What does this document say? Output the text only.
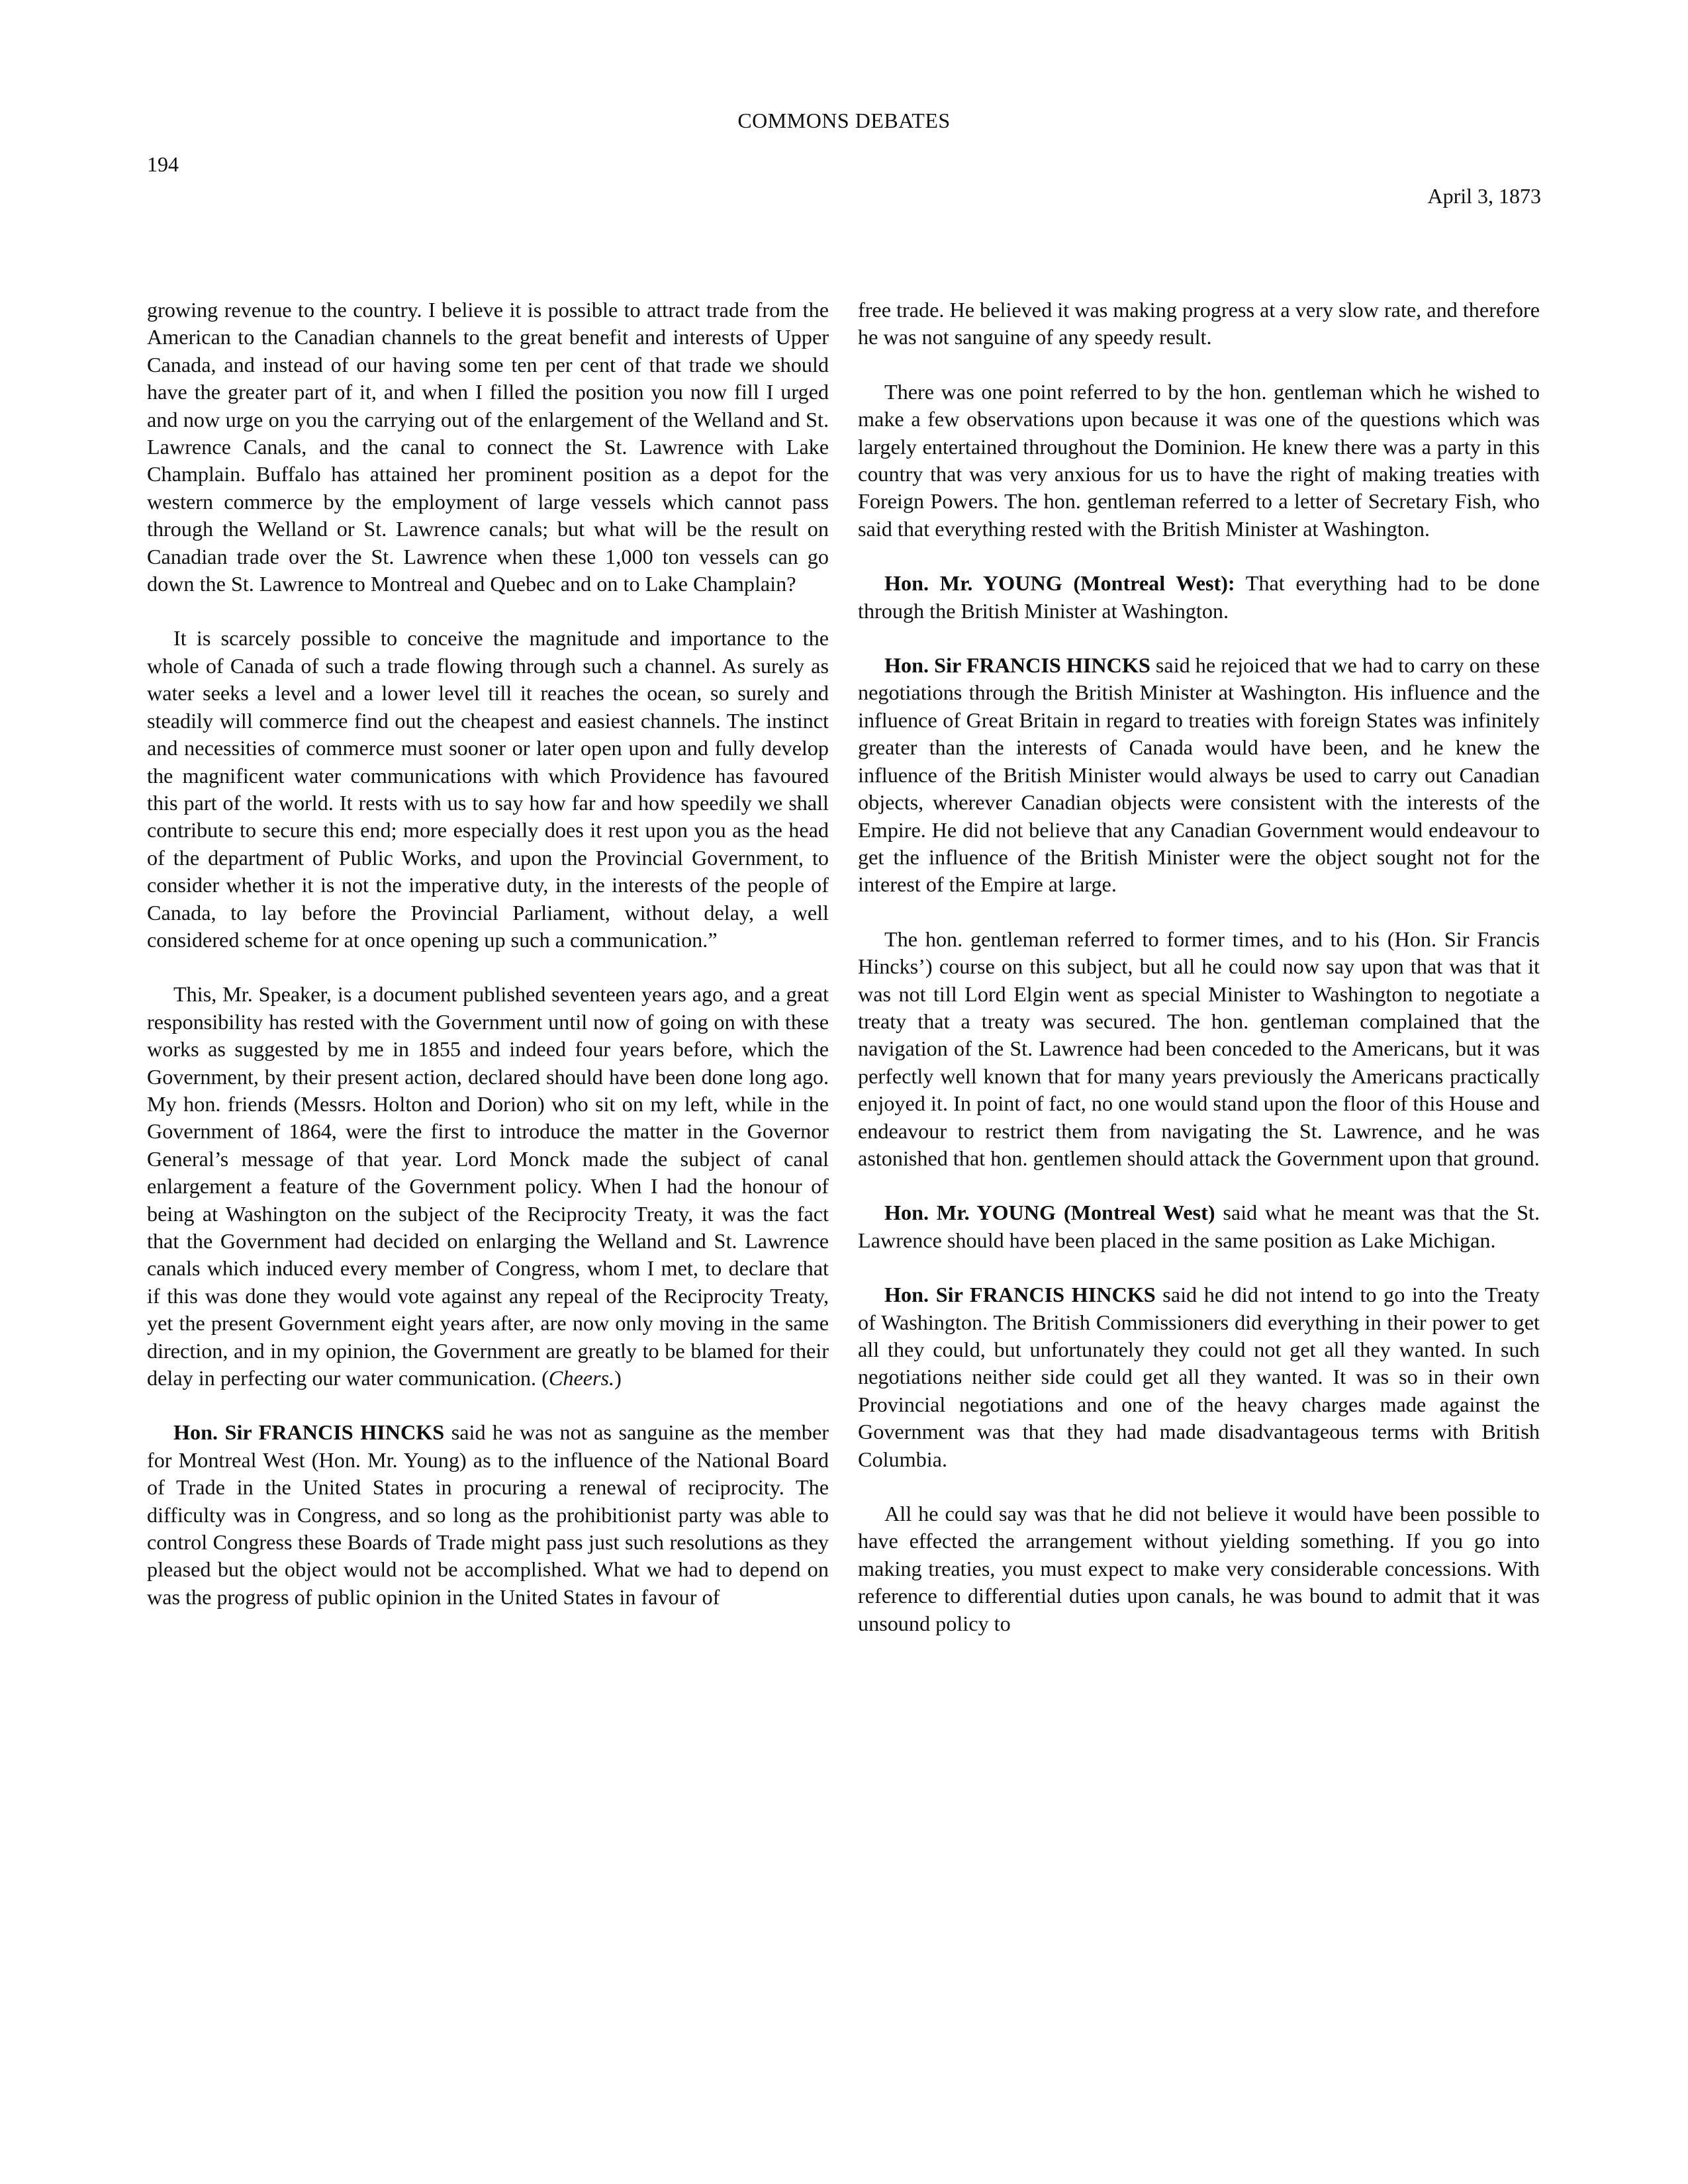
COMMONS DEBATES
194
April 3, 1873

growing revenue to the country. I believe it is possible to attract trade from the American to the Canadian channels to the great benefit and interests of Upper Canada, and instead of our having some ten per cent of that trade we should have the greater part of it, and when I filled the position you now fill I urged and now urge on you the carrying out of the enlargement of the Welland and St. Lawrence Canals, and the canal to connect the St. Lawrence with Lake Champlain. Buffalo has attained her prominent position as a depot for the western commerce by the employment of large vessels which cannot pass through the Welland or St. Lawrence canals; but what will be the result on Canadian trade over the St. Lawrence when these 1,000 ton vessels can go down the St. Lawrence to Montreal and Quebec and on to Lake Champlain?

It is scarcely possible to conceive the magnitude and importance to the whole of Canada of such a trade flowing through such a channel. As surely as water seeks a level and a lower level till it reaches the ocean, so surely and steadily will commerce find out the cheapest and easiest channels. The instinct and necessities of commerce must sooner or later open upon and fully develop the magnificent water communications with which Providence has favoured this part of the world. It rests with us to say how far and how speedily we shall contribute to secure this end; more especially does it rest upon you as the head of the department of Public Works, and upon the Provincial Government, to consider whether it is not the imperative duty, in the interests of the people of Canada, to lay before the Provincial Parliament, without delay, a well considered scheme for at once opening up such a communication.”

This, Mr. Speaker, is a document published seventeen years ago, and a great responsibility has rested with the Government until now of going on with these works as suggested by me in 1855 and indeed four years before, which the Government, by their present action, declared should have been done long ago. My hon. friends (Messrs. Holton and Dorion) who sit on my left, while in the Government of 1864, were the first to introduce the matter in the Governor General’s message of that year. Lord Monck made the subject of canal enlargement a feature of the Government policy. When I had the honour of being at Washington on the subject of the Reciprocity Treaty, it was the fact that the Government had decided on enlarging the Welland and St. Lawrence canals which induced every member of Congress, whom I met, to declare that if this was done they would vote against any repeal of the Reciprocity Treaty, yet the present Government eight years after, are now only moving in the same direction, and in my opinion, the Government are greatly to be blamed for their delay in perfecting our water communication. (Cheers.)

Hon. Sir FRANCIS HINCKS said he was not as sanguine as the member for Montreal West (Hon. Mr. Young) as to the influence of the National Board of Trade in the United States in procuring a renewal of reciprocity. The difficulty was in Congress, and so long as the prohibitionist party was able to control Congress these Boards of Trade might pass just such resolutions as they pleased but the object would not be accomplished. What we had to depend on was the progress of public opinion in the United States in favour of

free trade. He believed it was making progress at a very slow rate, and therefore he was not sanguine of any speedy result.

There was one point referred to by the hon. gentleman which he wished to make a few observations upon because it was one of the questions which was largely entertained throughout the Dominion. He knew there was a party in this country that was very anxious for us to have the right of making treaties with Foreign Powers. The hon. gentleman referred to a letter of Secretary Fish, who said that everything rested with the British Minister at Washington.

Hon. Mr. YOUNG (Montreal West): That everything had to be done through the British Minister at Washington.

Hon. Sir FRANCIS HINCKS said he rejoiced that we had to carry on these negotiations through the British Minister at Washington. His influence and the influence of Great Britain in regard to treaties with foreign States was infinitely greater than the interests of Canada would have been, and he knew the influence of the British Minister would always be used to carry out Canadian objects, wherever Canadian objects were consistent with the interests of the Empire. He did not believe that any Canadian Government would endeavour to get the influence of the British Minister were the object sought not for the interest of the Empire at large.

The hon. gentleman referred to former times, and to his (Hon. Sir Francis Hincks’) course on this subject, but all he could now say upon that was that it was not till Lord Elgin went as special Minister to Washington to negotiate a treaty that a treaty was secured. The hon. gentleman complained that the navigation of the St. Lawrence had been conceded to the Americans, but it was perfectly well known that for many years previously the Americans practically enjoyed it. In point of fact, no one would stand upon the floor of this House and endeavour to restrict them from navigating the St. Lawrence, and he was astonished that hon. gentlemen should attack the Government upon that ground.

Hon. Mr. YOUNG (Montreal West) said what he meant was that the St. Lawrence should have been placed in the same position as Lake Michigan.

Hon. Sir FRANCIS HINCKS said he did not intend to go into the Treaty of Washington. The British Commissioners did everything in their power to get all they could, but unfortunately they could not get all they wanted. In such negotiations neither side could get all they wanted. It was so in their own Provincial negotiations and one of the heavy charges made against the Government was that they had made disadvantageous terms with British Columbia.

All he could say was that he did not believe it would have been possible to have effected the arrangement without yielding something. If you go into making treaties, you must expect to make very considerable concessions. With reference to differential duties upon canals, he was bound to admit that it was unsound policy to
